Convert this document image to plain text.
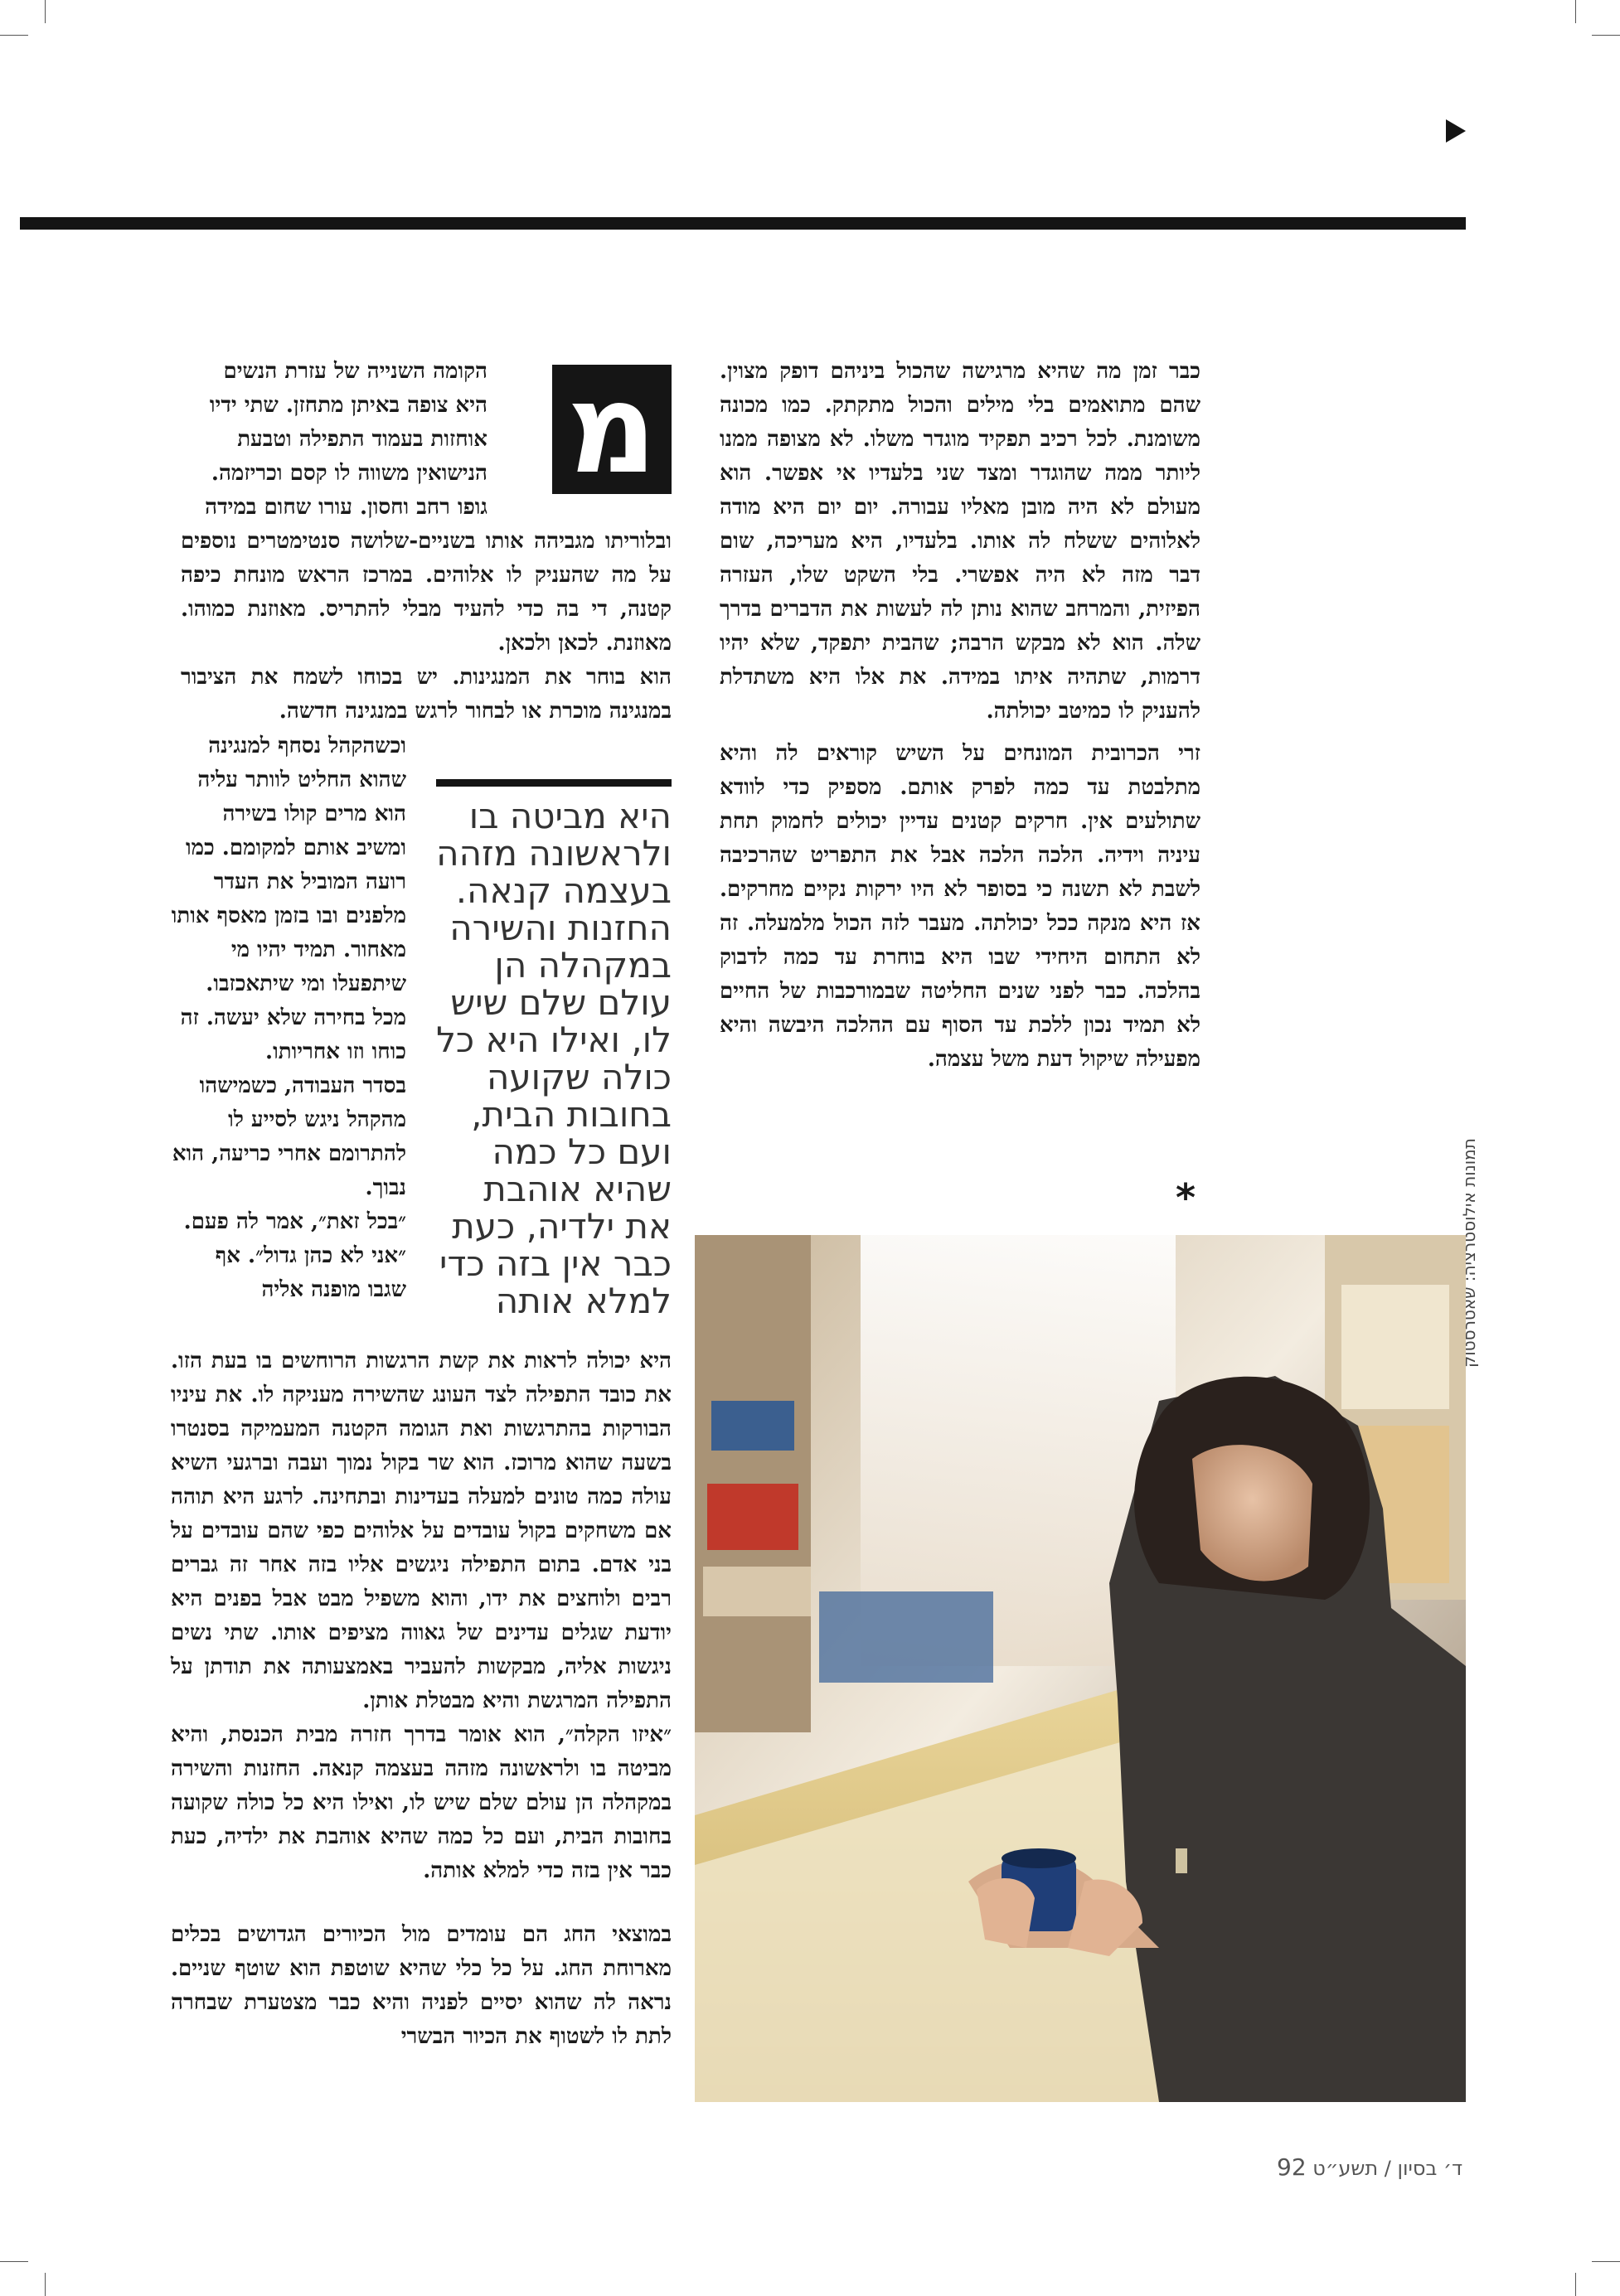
כבר זמן מה שהיא מרגישה שהכול ביניהם דופק מצוין. שהם מתואמים בלי מילים והכול מתקתק. כמו מכונה משומנת. לכל רכיב תפקיד מוגדר משלו. לא מצופה ממנו ליותר ממה שהוגדר ומצד שני בלעדיו אי אפשר. הוא מעולם לא היה מובן מאליו עבורה. יום יום היא מודה לאלוהים ששלח לה אותו. בלעדיו, היא מעריכה, שום דבר מזה לא היה אפשרי. בלי השקט שלו, העזרה הפיזית, והמרחב שהוא נותן לה לעשות את הדברים בדרך שלה. הוא לא מבקש הרבה; שהבית יתפקד, שלא יהיו דרמות, שתהיה איתו במידה. את אלו היא משתדלת להעניק לו כמיטב יכולתה.

זרי הכרובית המונחים על השיש קוראים לה והיא מתלבטת עד כמה לפרק אותם. מספיק כדי לוודא שתולעים אין. חרקים קטנים עדיין יכולים לחמוק תחת עיניה וידיה. הלכה הלכה אבל את התפריט שהרכיבה לשבת לא תשנה כי בסופר לא היו ירקות נקיים מחרקים. אז היא מנקה ככל יכולתה. מעבר לזה הכול מלמעלה. זה לא התחום היחידי שבו היא בוחרת עד כמה לדבוק בהלכה. כבר לפני שנים החליטה שבמורכבות של החיים לא תמיד נכון ללכת עד הסוף עם ההלכה היבשה והיא מפעילה שיקול דעת משל עצמה.

מ

הקומה השנייה של עזרת הנשים

היא צופה באיתן מתחזן. שתי ידיו

אוחזות בעמוד התפילה וטבעת

הנישואין משווה לו קסם וכריזמה.

גופו רחב וחסון. עורו שחום במידה

ובלוריתו מגביהה אותו בשניים-שלושה סנטימטרים נוספים על מה שהעניק לו אלוהים. במרכז הראש מונחת כיפה קטנה, די בה כדי להעיד מבלי להתריס. מאוזנת כמוהו. מאוזנת. לכאן ולכאן.

הוא בוחר את המנגינות. יש בכוחו לשמח את הציבור במנגינה מוכרת או לבחור לרגש במנגינה חדשה.

היא מביטה בו ולראשונה מזהה בעצמה קנאה. החזנות והשירה במקהלה הן עולם שלם שיש לו, ואילו היא כל כולה שקועה בחובות הבית, ועם כל כמה שהיא אוהבת את ילדיה, כעת כבר אין בזה כדי למלא אותה

וכשהקהל נסחף למנגינה שהוא החליט לוותר עליה הוא מרים קולו בשירה ומשיב אותם למקומם. כמו רועה המוביל את העדר מלפנים ובו בזמן מאסף אותו מאחור. תמיד יהיו מי שיתפעלו ומי שיתאכזבו. מכל בחירה שלא יעשה. זה כוחו וזו אחריותו.

בסדר העבודה, כשמישהו מהקהל ניגש לסייע לו להתרומם אחרי כריעה, הוא נבוך.

״בכל זאת״, אמר לה פעם. ״אני לא כהן גדול״. אף שגבו מופנה אליה

היא יכולה לראות את קשת הרגשות הרוחשים בו בעת הזו. את כובד התפילה לצד העונג שהשירה מעניקה לו. את עיניו הבורקות בהתרגשות ואת הגומה הקטנה המעמיקה בסנטרו בשעה שהוא מרוכז. הוא שר בקול נמוך ועבה וברגעי השיא עולה כמה טונים למעלה בעדינות ובתחינה. לרגע היא תוהה אם משחקים בקול עובדים על אלוהים כפי שהם עובדים על בני אדם. בתום התפילה ניגשים אליו בזה אחר זה גברים רבים ולוחצים את ידו, והוא משפיל מבט אבל בפנים היא יודעת שגלים עדינים של גאווה מציפים אותו. שתי נשים ניגשות אליה, מבקשות להעביר באמצעותה את תודתן על התפילה המרגשת והיא מבטלת אותן.

״איזו הקלה״, הוא אומר בדרך חזרה מבית הכנסת, והיא מביטה בו ולראשונה מזהה בעצמה קנאה. החזנות והשירה במקהלה הן עולם שלם שיש לו, ואילו היא כל כולה שקועה בחובות הבית, ועם כל כמה שהיא אוהבת את ילדיה, כעת כבר אין בזה כדי למלא אותה.

במוצאי החג הם עומדים מול הכיורים הגדושים בכלים מארוחת החג. על כל כלי שהיא שוטפת הוא שוטף שניים. נראה לה שהוא יסיים לפניה והיא כבר מצטערת שבחרה לתת לו לשטוף את הכיור הבשרי

*	תמונות אילוסטרציה: שאטרסטוק
92 ד׳ בסיון / תשע״ט
